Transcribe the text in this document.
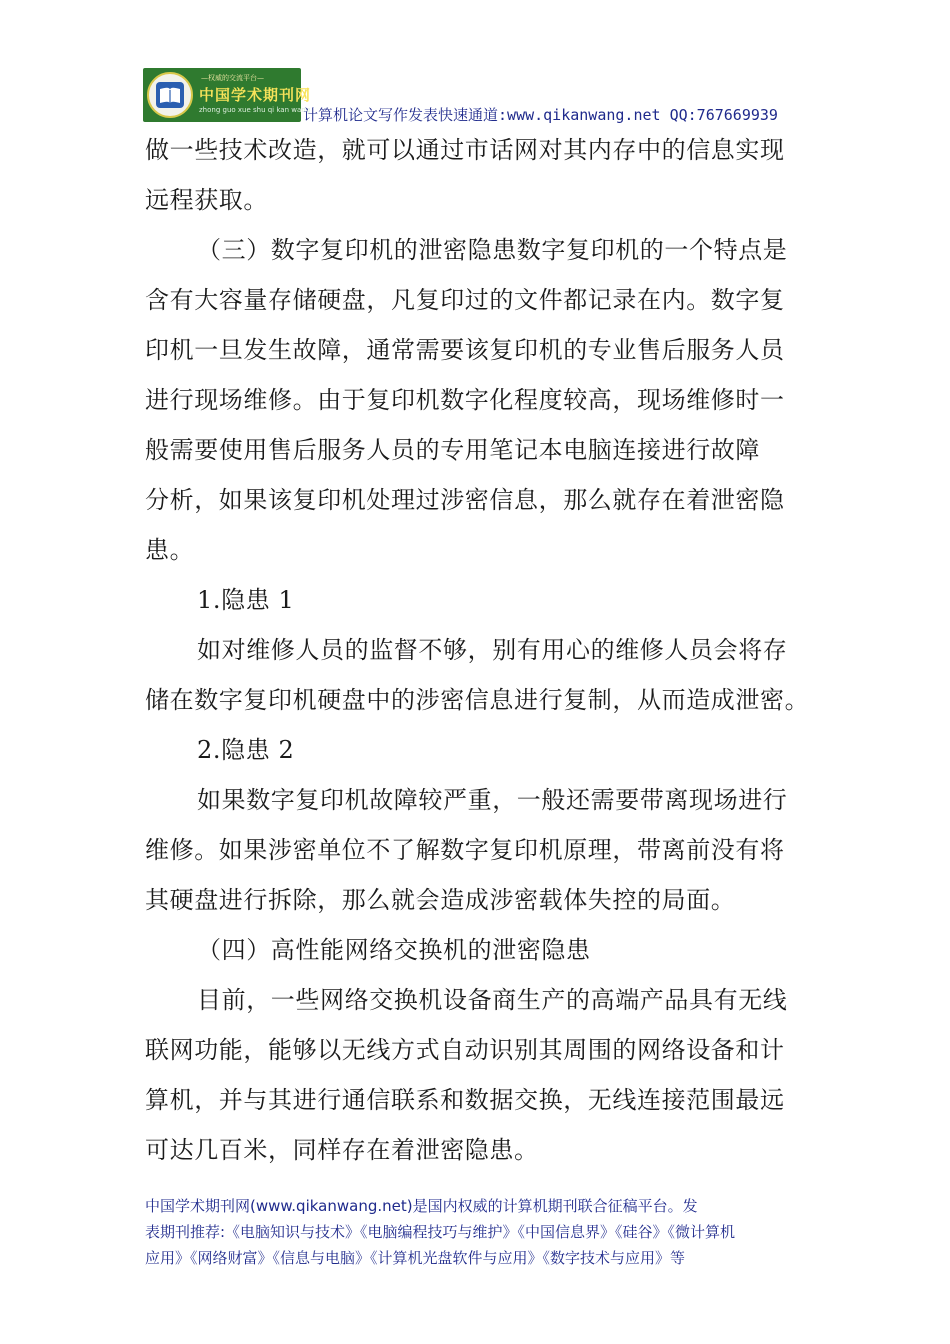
—权威的交流平台—
中国学术期刊网
zhong guo xue shu qi kan wang
计算机论文写作发表快速通道:www.qikanwang.net QQ:767669939
做一些技术改造，就可以通过市话网对其内存中的信息实现
远程获取。
（三）数字复印机的泄密隐患数字复印机的一个特点是
含有大容量存储硬盘，凡复印过的文件都记录在内。数字复
印机一旦发生故障，通常需要该复印机的专业售后服务人员
进行现场维修。由于复印机数字化程度较高，现场维修时一
般需要使用售后服务人员的专用笔记本电脑连接进行故障
分析，如果该复印机处理过涉密信息，那么就存在着泄密隐
患。
1.隐患 1
如对维修人员的监督不够，别有用心的维修人员会将存
储在数字复印机硬盘中的涉密信息进行复制，从而造成泄密。
2.隐患 2
如果数字复印机故障较严重，一般还需要带离现场进行
维修。如果涉密单位不了解数字复印机原理，带离前没有将
其硬盘进行拆除，那么就会造成涉密载体失控的局面。
（四）高性能网络交换机的泄密隐患
目前，一些网络交换机设备商生产的高端产品具有无线
联网功能，能够以无线方式自动识别其周围的网络设备和计
算机，并与其进行通信联系和数据交换，无线连接范围最远
可达几百米，同样存在着泄密隐患。
中国学术期刊网(www.qikanwang.net)是国内权威的计算机期刊联合征稿平台。发
表期刊推荐:《电脑知识与技术》《电脑编程技巧与维护》《中国信息界》《硅谷》《微计算机
应用》《网络财富》《信息与电脑》《计算机光盘软件与应用》《数字技术与应用》等
